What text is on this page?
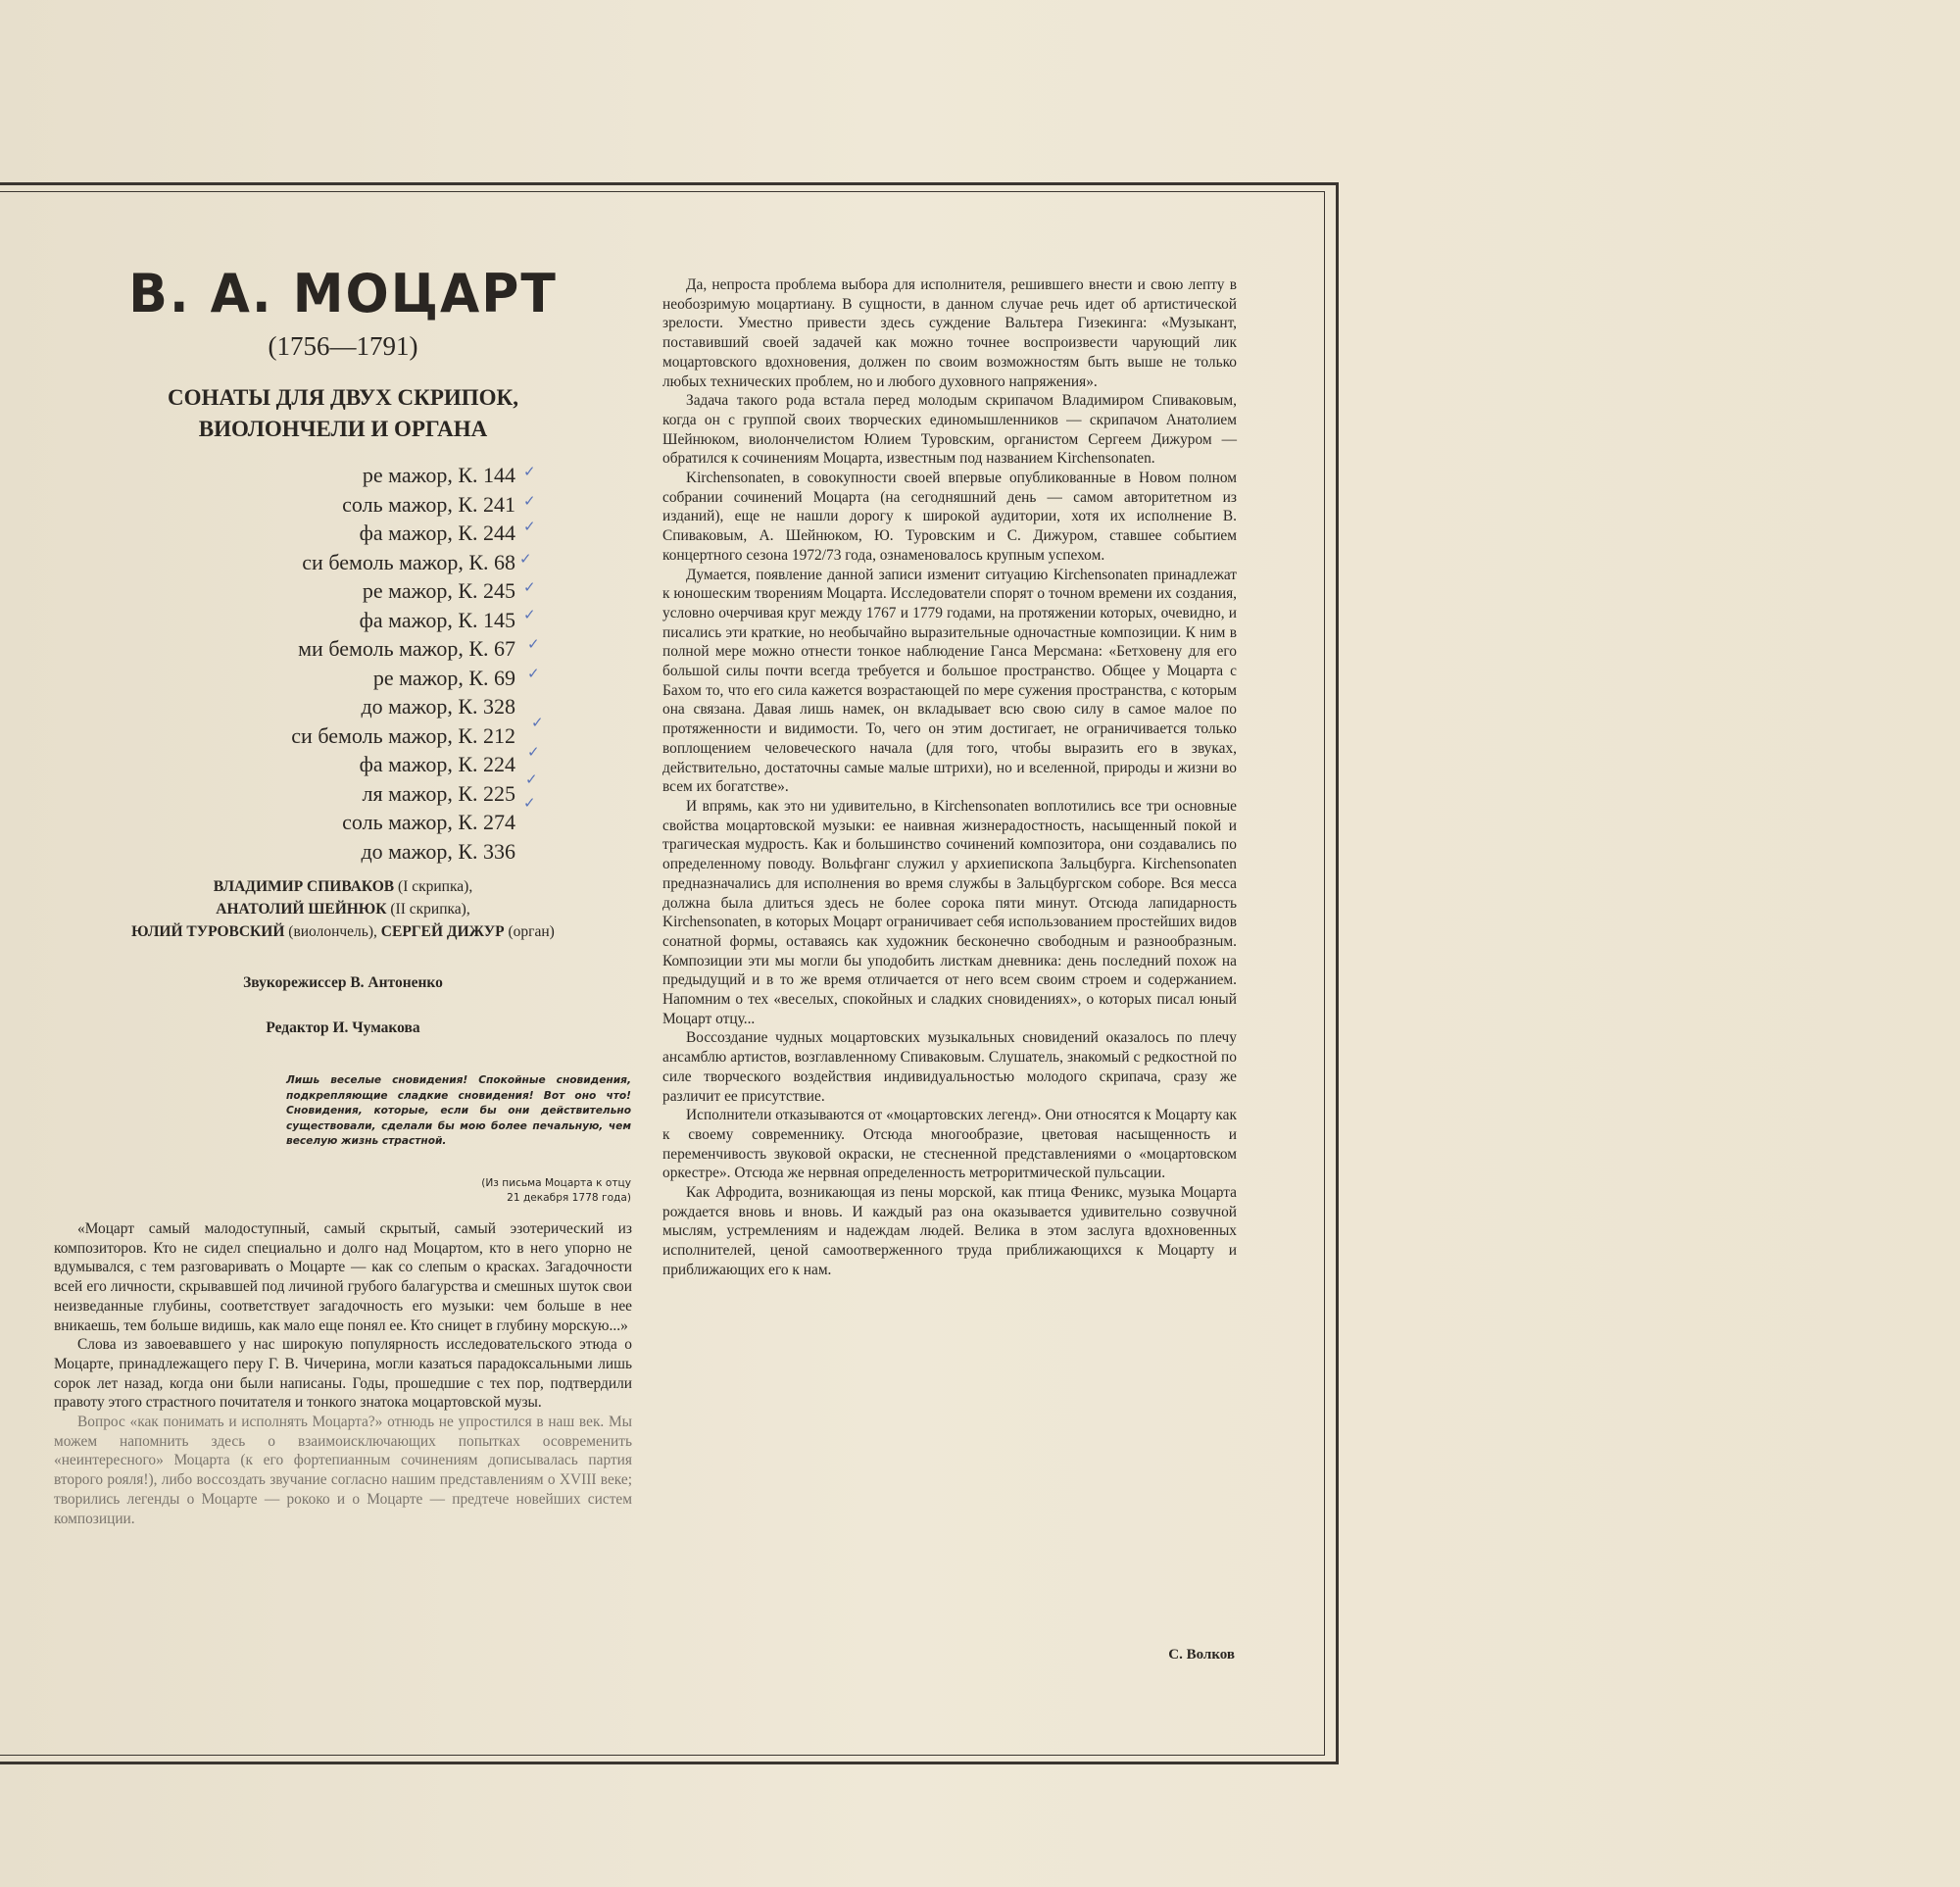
В. А. МОЦАРТ
(1756—1791)
СОНАТЫ ДЛЯ ДВУХ СКРИПОК,
ВИОЛОНЧЕЛИ И ОРГАНА
ре мажор, К. 144
соль мажор, К. 241
фа мажор, К. 244
си бемоль мажор, К. 68
ре мажор, К. 245
фа мажор, К. 145
ми бемоль мажор, К. 67
ре мажор, К. 69
до мажор, К. 328
си бемоль мажор, К. 212
фа мажор, К. 224
ля мажор, К. 225
соль мажор, К. 274
до мажор, К. 336
✓
✓
✓
✓
✓
✓
✓
✓
✓
✓
✓
✓
ВЛАДИМИР СПИВАКОВ (I скрипка),
АНАТОЛИЙ ШЕЙНЮК (II скрипка),
ЮЛИЙ ТУРОВСКИЙ (виолончель), СЕРГЕЙ ДИЖУР (орган)
Звукорежиссер В. Антоненко
Редактор И. Чумакова
Лишь веселые сновидения! Спокойные сновидения, подкрепляющие сладкие сновидения! Вот оно что! Сновидения, которые, если бы они действительно существовали, сделали бы мою более печальную, чем веселую жизнь страстной.
(Из письма Моцарта к отцу
21 декабря 1778 года)

«Моцарт самый малодоступный, самый скрытый, самый эзотерический из композиторов. Кто не сидел специально и долго над Моцартом, кто в него упорно не вдумывался, с тем разговаривать о Моцарте — как со слепым о красках. Загадочности всей его личности, скрывавшей под личиной грубого балагурства и смешных шуток свои неизведанные глубины, соответствует загадочность его музыки: чем больше в нее вникаешь, тем больше видишь, как мало еще понял ее. Кто сницет в глубину морскую...»

Слова из завоевавшего у нас широкую популярность исследовательского этюда о Моцарте, принадлежащего перу Г. В. Чичерина, могли казаться парадоксальными лишь сорок лет назад, когда они были написаны. Годы, прошедшие с тех пор, подтвердили правоту этого страстного почитателя и тонкого знатока моцартовской музы.

Вопрос «как понимать и исполнять Моцарта?» отнюдь не упростился в наш век. Мы можем напомнить здесь о взаимоисключающих попытках осовременить «неинтересного» Моцарта (к его фортепианным сочинениям дописывалась партия второго рояля!), либо воссоздать звучание согласно нашим представлениям о XVIII веке; творились легенды о Моцарте — рококо и о Моцарте — предтече новейших систем композиции.

Да, непроста проблема выбора для исполнителя, решившего внести и свою лепту в необозримую моцартиану. В сущности, в данном случае речь идет об артистической зрелости. Уместно привести здесь суждение Вальтера Гизекинга: «Музыкант, поставивший своей задачей как можно точнее воспроизвести чарующий лик моцартовского вдохновения, должен по своим возможностям быть выше не только любых технических проблем, но и любого духовного напряжения».

Задача такого рода встала перед молодым скрипачом Владимиром Спиваковым, когда он с группой своих творческих единомышленников — скрипачом Анатолием Шейнюком, виолончелистом Юлием Туровским, органистом Сергеем Дижуром — обратился к сочинениям Моцарта, известным под названием Kirchensonaten.

Kirchensonaten, в совокупности своей впервые опубликованные в Новом полном собрании сочинений Моцарта (на сегодняшний день — самом авторитетном из изданий), еще не нашли дорогу к широкой аудитории, хотя их исполнение В. Спиваковым, А. Шейнюком, Ю. Туровским и С. Дижуром, ставшее событием концертного сезона 1972/73 года, ознаменовалось крупным успехом.

Думается, появление данной записи изменит ситуацию Kirchensonaten принадлежат к юношеским творениям Моцарта. Исследователи спорят о точном времени их создания, условно очерчивая круг между 1767 и 1779 годами, на протяжении которых, очевидно, и писались эти краткие, но необычайно выразительные одночастные композиции. К ним в полной мере можно отнести тонкое наблюдение Ганса Мерсмана: «Бетховену для его большой силы почти всегда требуется и большое пространство. Общее у Моцарта с Бахом то, что его сила кажется возрастающей по мере сужения пространства, с которым она связана. Давая лишь намек, он вкладывает всю свою силу в самое малое по протяженности и видимости. То, чего он этим достигает, не ограничивается только воплощением человеческого начала (для того, чтобы выразить его в звуках, действительно, достаточны самые малые штрихи), но и вселенной, природы и жизни во всем их богатстве».

И впрямь, как это ни удивительно, в Kirchensonaten воплотились все три основные свойства моцартовской музыки: ее наивная жизнерадостность, насыщенный покой и трагическая мудрость. Как и большинство сочинений композитора, они создавались по определенному поводу. Вольфганг служил у архиепископа Зальцбурга. Kirchensonaten предназначались для исполнения во время службы в Зальцбургском соборе. Вся месса должна была длиться здесь не более сорока пяти минут. Отсюда лапидарность Kirchensonaten, в которых Моцарт ограничивает себя использованием простейших видов сонатной формы, оставаясь как художник бесконечно свободным и разнообразным. Композиции эти мы могли бы уподобить листкам дневника: день последний похож на предыдущий и в то же время отличается от него всем своим строем и содержанием. Напомним о тех «веселых, спокойных и сладких сновидениях», о которых писал юный Моцарт отцу...

Воссоздание чудных моцартовских музыкальных сновидений оказалось по плечу ансамблю артистов, возглавленному Спиваковым. Слушатель, знакомый с редкостной по силе творческого воздействия индивидуальностью молодого скрипача, сразу же различит ее присутствие.

Исполнители отказываются от «моцартовских легенд». Они относятся к Моцарту как к своему современнику. Отсюда многообразие, цветовая насыщенность и переменчивость звуковой окраски, не стесненной представлениями о «моцартовском оркестре». Отсюда же нервная определенность метроритмической пульсации.

Как Афродита, возникающая из пены морской, как птица Феникс, музыка Моцарта рождается вновь и вновь. И каждый раз она оказывается удивительно созвучной мыслям, устремлениям и надеждам людей. Велика в этом заслуга вдохновенных исполнителей, ценой самоотверженного труда приближающихся к Моцарту и приближающих его к нам.

С. Волков
